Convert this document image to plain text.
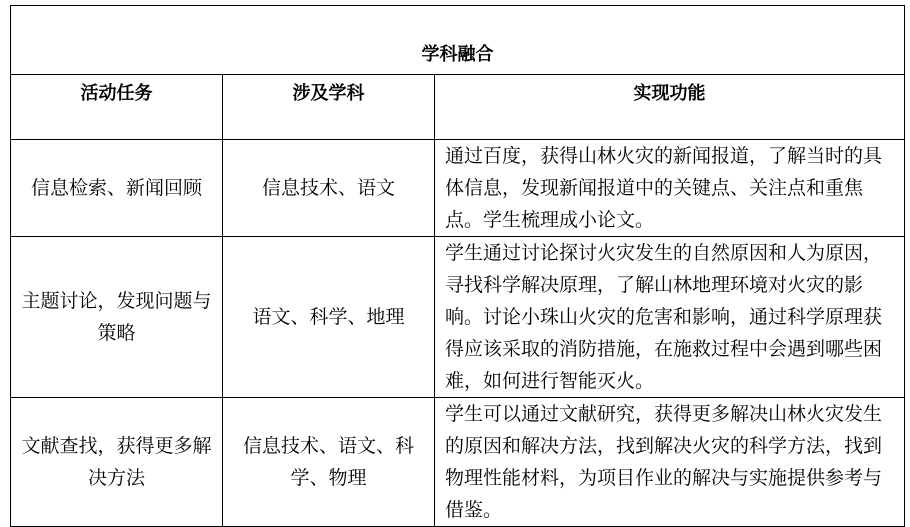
学科融合		
活动任务	涉及学科	实现功能
信息检索、新闻回顾	信息技术、语文	通过百度，获得山林火灾的新闻报道，了解当时的具体信息，发现新闻报道中的关键点、关注点和重焦点。学生梳理成小论文。
主题讨论，发现问题与策略	语文、科学、地理	学生通过讨论探讨火灾发生的自然原因和人为原因，寻找科学解决原理，了解山林地理环境对火灾的影响。讨论小珠山火灾的危害和影响，通过科学原理获得应该采取的消防措施，在施救过程中会遇到哪些困难，如何进行智能灭火。
文献查找，获得更多解决方法	信息技术、语文、科学、物理	学生可以通过文献研究，获得更多解决山林火灾发生的原因和解决方法，找到解决火灾的科学方法，找到物理性能材料，为项目作业的解决与实施提供参考与借鉴。
